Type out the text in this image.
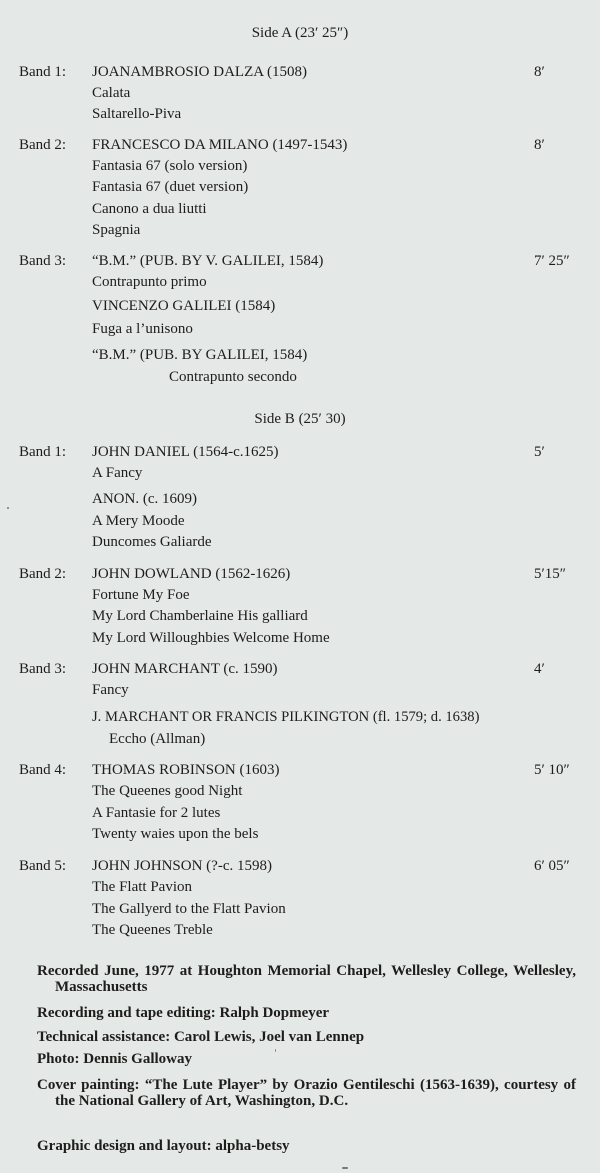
Side A (23′ 25″)
Band 1: JOANAMBROSIO DALZA (1508)	8′
Calata
Saltarello-Piva
Band 2: FRANCESCO DA MILANO (1497-1543)	8′
Fantasia 67 (solo version)
Fantasia 67 (duet version)
Canono a dua liutti
Spagnia
Band 3: “B.M.” (PUB. BY V. GALILEI, 1584)	7′ 25″
Contrapunto primo
VINCENZO GALILEI (1584)
Fuga a l’unisono
“B.M.” (PUB. BY GALILEI, 1584)
Contrapunto secondo
Side B (25′ 30)
Band 1: JOHN DANIEL (1564-c.1625)	5′
A Fancy
ANON. (c. 1609)
A Mery Moode
Duncomes Galiarde
Band 2: JOHN DOWLAND (1562-1626)	5′15″
Fortune My Foe
My Lord Chamberlaine His galliard
My Lord Willoughbies Welcome Home
Band 3: JOHN MARCHANT (c. 1590)	4′
Fancy
J. MARCHANT OR FRANCIS PILKINGTON (fl. 1579; d. 1638)
Eccho (Allman)
Band 4: THOMAS ROBINSON (1603)	5′ 10″
The Queenes good Night
A Fantasie for 2 lutes
Twenty waies upon the bels
Band 5: JOHN JOHNSON (?-c. 1598)	6′ 05″
The Flatt Pavion
The Gallyerd to the Flatt Pavion
The Queenes Treble
Recorded June, 1977 at Houghton Memorial Chapel, Wellesley College, Wellesley, Massachusetts
Recording and tape editing: Ralph Dopmeyer
Technical assistance: Carol Lewis, Joel van Lennep
Photo: Dennis Galloway
Cover painting: “The Lute Player” by Orazio Gentileschi (1563-1639), courtesy of the National Gallery of Art, Washington, D.C.
Graphic design and layout: alpha-betsy
